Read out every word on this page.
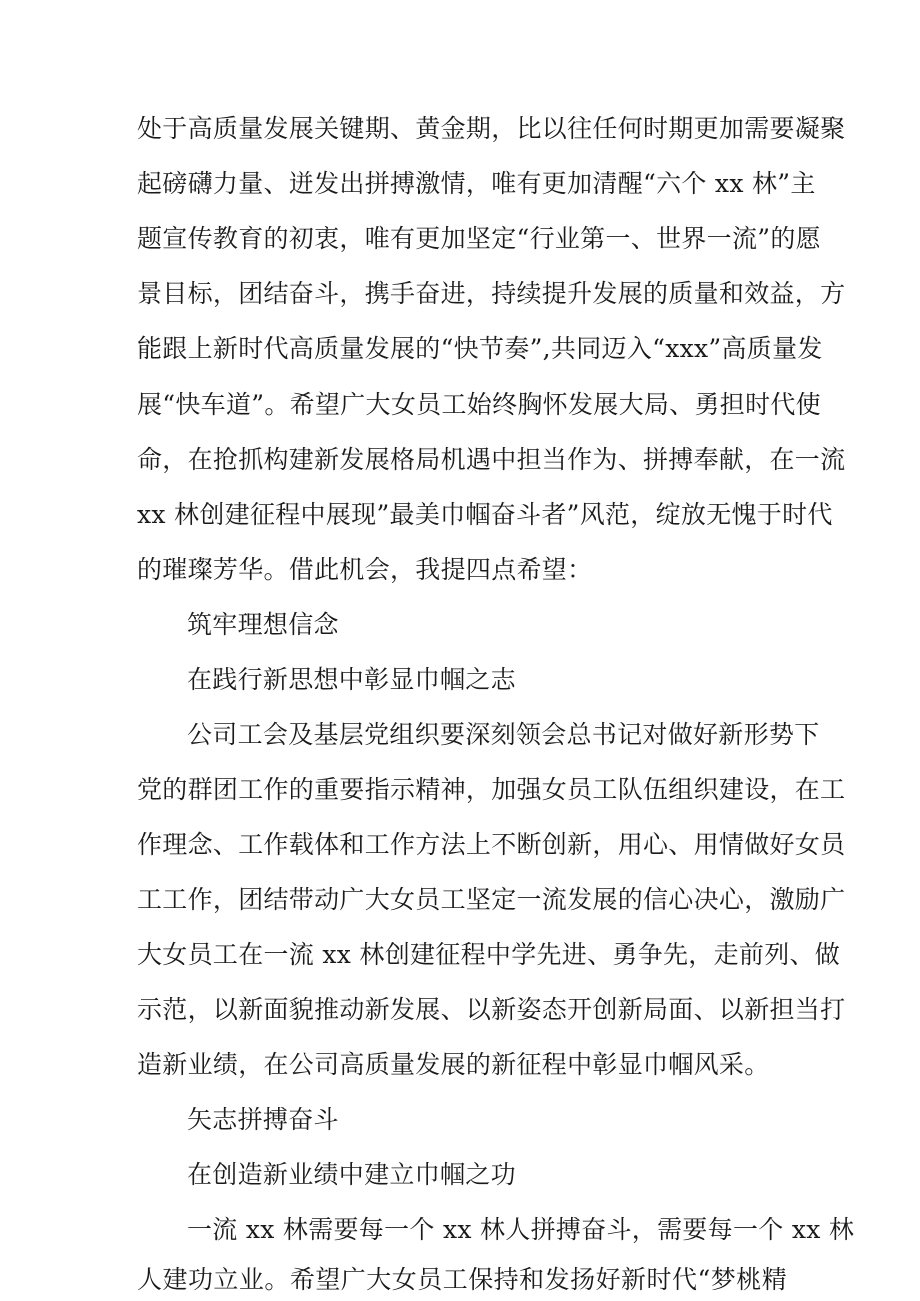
处于高质量发展关键期、黄金期，比以往任何时期更加需要凝聚
起磅礴力量、迸发出拼搏激情，唯有更加清醒“六个 xx 林”主
题宣传教育的初衷，唯有更加坚定“行业第一、世界一流”的愿
景目标，团结奋斗，携手奋进，持续提升发展的质量和效益，方
能跟上新时代高质量发展的“快节奏”,共同迈入“xxx”高质量发
展“快车道”。希望广大女员工始终胸怀发展大局、勇担时代使
命，在抢抓构建新发展格局机遇中担当作为、拼搏奉献，在一流
xx 林创建征程中展现”最美巾帼奋斗者”风范，绽放无愧于时代
的璀璨芳华。借此机会，我提四点希望：
筑牢理想信念
在践行新思想中彰显巾帼之志
公司工会及基层党组织要深刻领会总书记对做好新形势下
党的群团工作的重要指示精神，加强女员工队伍组织建设，在工
作理念、工作载体和工作方法上不断创新，用心、用情做好女员
工工作，团结带动广大女员工坚定一流发展的信心决心，激励广
大女员工在一流 xx 林创建征程中学先进、勇争先，走前列、做
示范，以新面貌推动新发展、以新姿态开创新局面、以新担当打
造新业绩，在公司高质量发展的新征程中彰显巾帼风采。
矢志拼搏奋斗
在创造新业绩中建立巾帼之功
一流 xx 林需要每一个 xx 林人拼搏奋斗，需要每一个 xx 林
人建功立业。希望广大女员工保持和发扬好新时代“梦桃精
